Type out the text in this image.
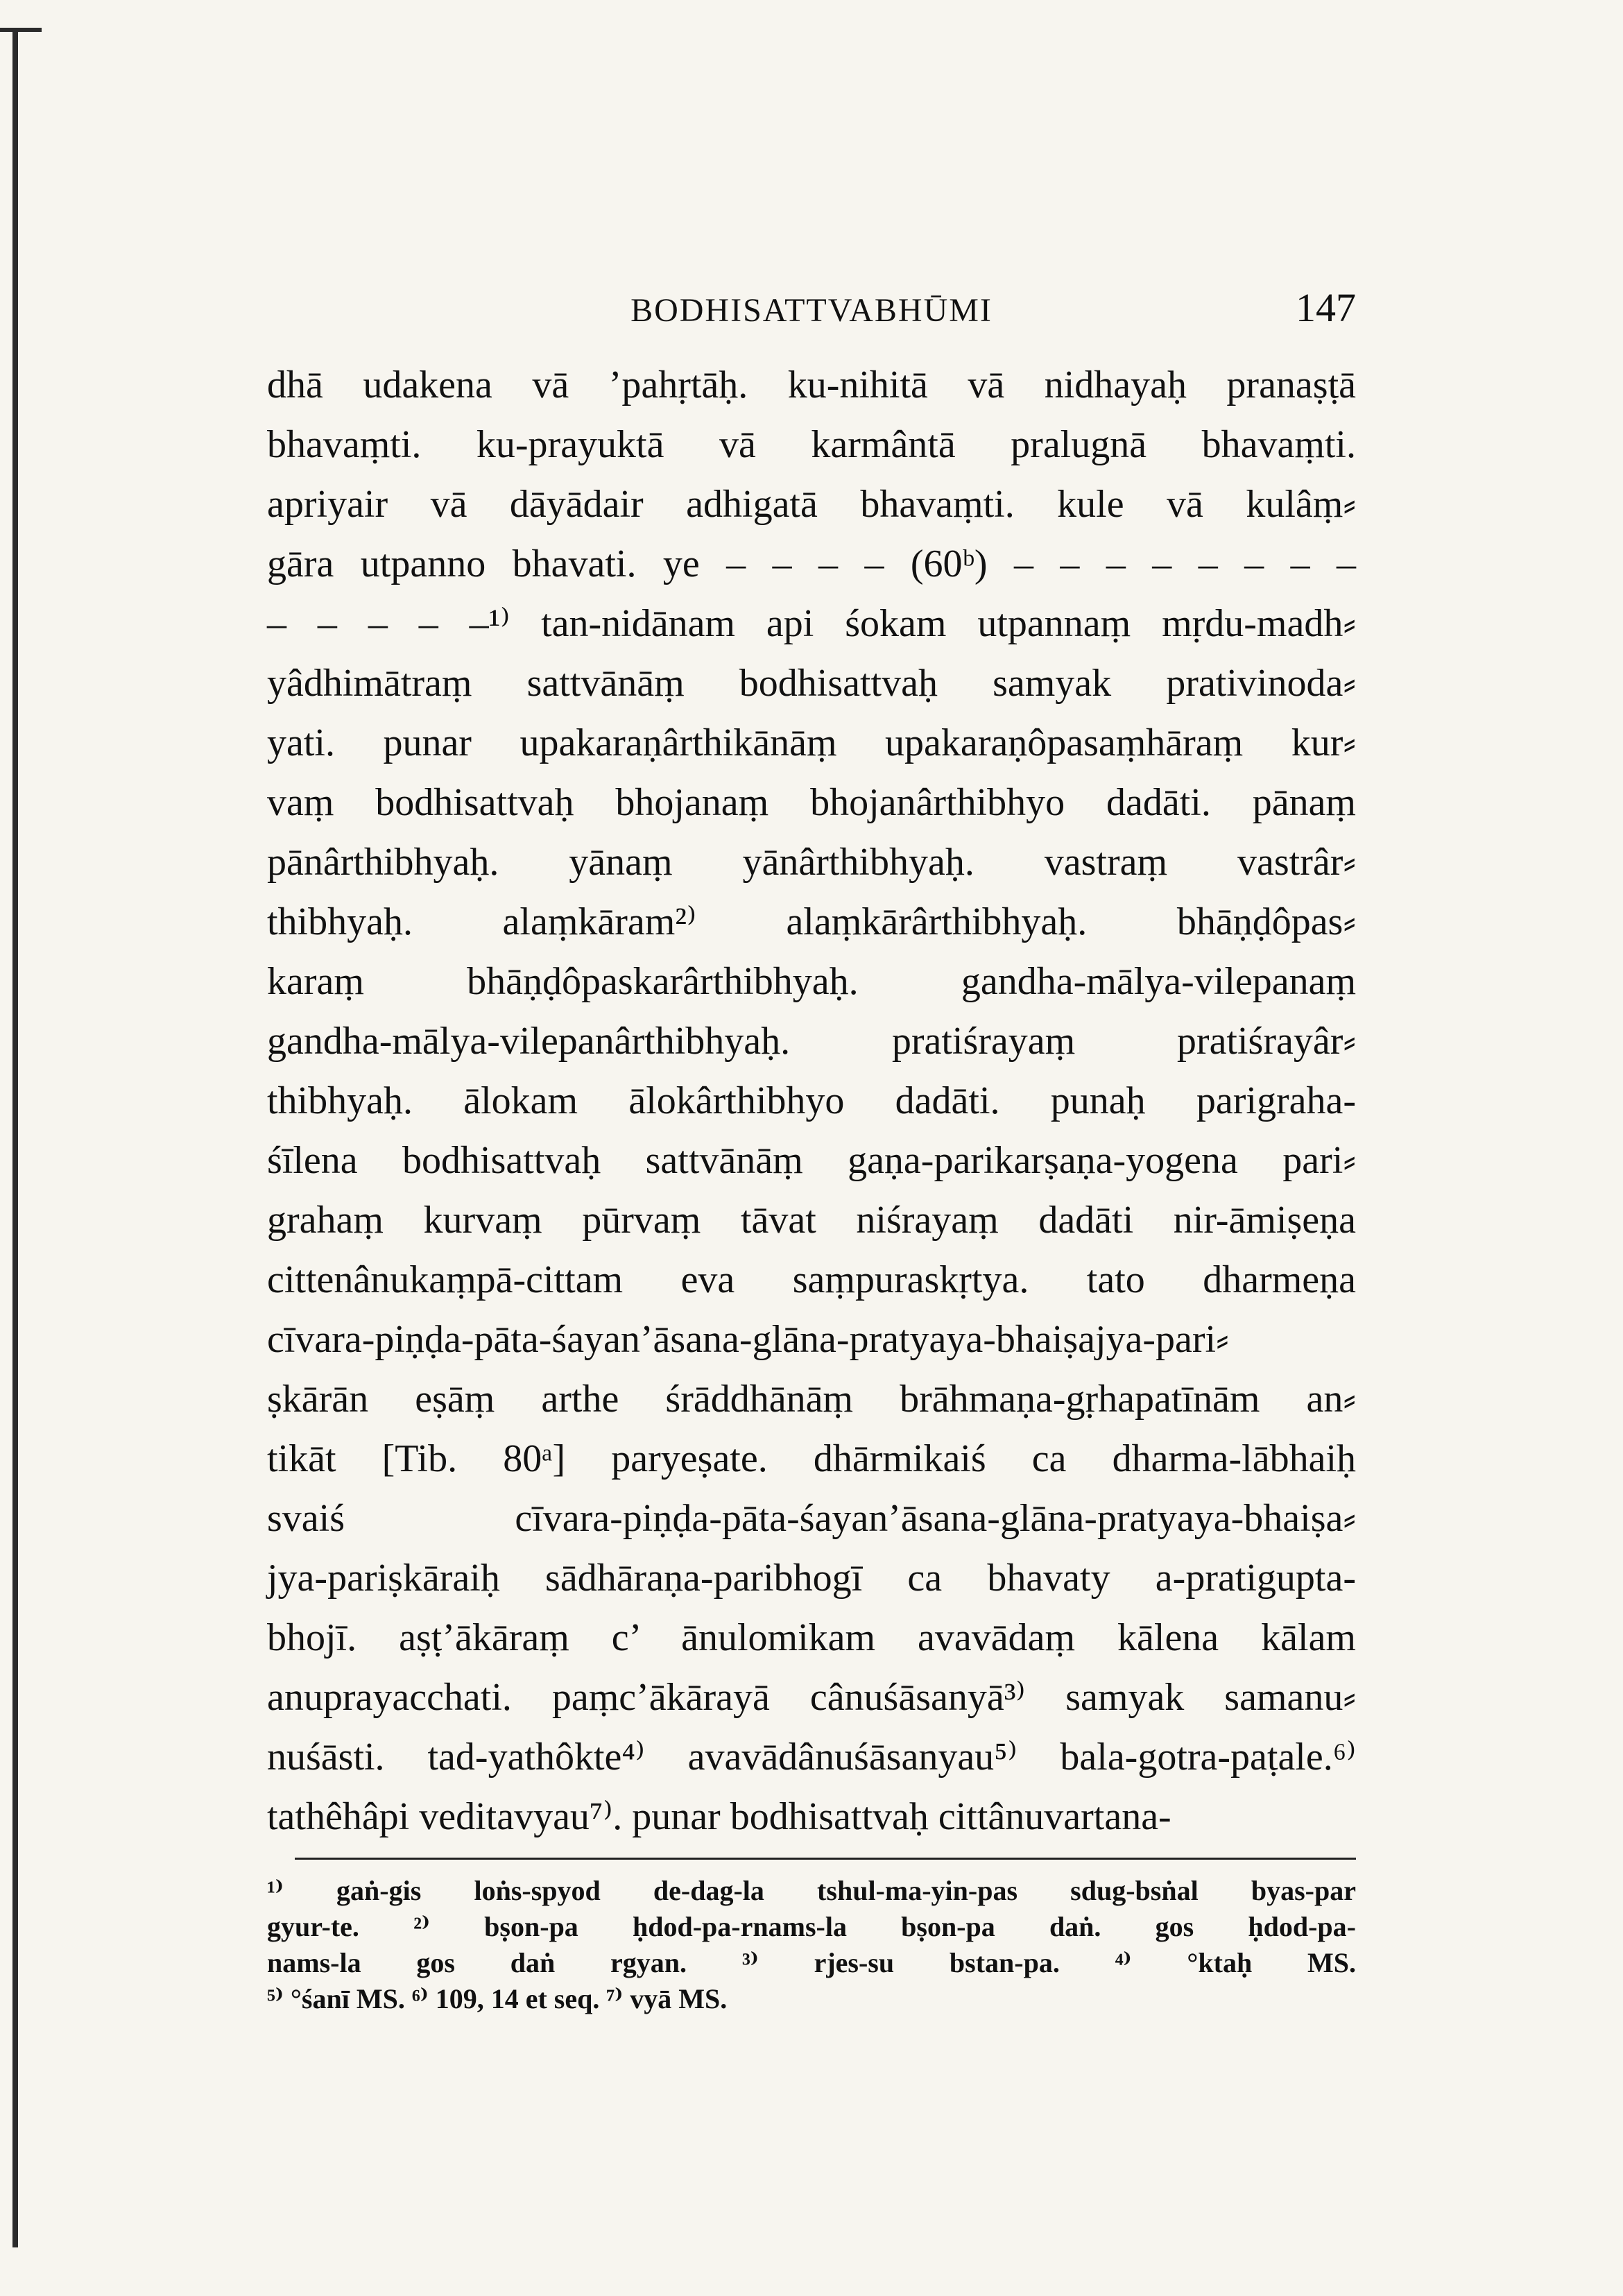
BODHISATTVABHŪMI	147
dhā udakena vā ’pahṛtāḥ. ku-nihitā vā nidhayaḥ pranaṣṭā
bhavaṃti. ku-prayuktā vā karmântā pralugnā bhavaṃti.
apriyair vā dāyādair adhigatā bhavaṃti. kule vā kulâṃ⸗
gāra utpanno bhavati. ye – – – – (60ᵇ) – – – – – – – –
– – – – –¹⁾ tan-nidānam api śokam utpannaṃ mṛdu-madh⸗
yâdhimātraṃ sattvānāṃ bodhisattvaḥ samyak prativinoda⸗
yati. punar upakaraṇârthikānāṃ upakaraṇôpasaṃhāraṃ kur⸗
vaṃ bodhisattvaḥ bhojanaṃ bhojanârthibhyo dadāti. pānaṃ
pānârthibhyaḥ. yānaṃ yānârthibhyaḥ. vastraṃ vastrâr⸗
thibhyaḥ. alaṃkāram²⁾ alaṃkārârthibhyaḥ. bhāṇḍôpas⸗
karaṃ bhāṇḍôpaskarârthibhyaḥ. gandha-mālya-vilepanaṃ
gandha-mālya-vilepanârthibhyaḥ. pratiśrayaṃ pratiśrayâr⸗
thibhyaḥ. ālokam ālokârthibhyo dadāti. punaḥ parigraha-
śīlena bodhisattvaḥ sattvānāṃ gaṇa-parikarṣaṇa-yogena pari⸗
grahaṃ kurvaṃ pūrvaṃ tāvat niśrayaṃ dadāti nir-āmiṣeṇa
cittenânukaṃpā-cittam eva saṃpuraskṛtya. tato dharmeṇa
cīvara-piṇḍa-pāta-śayan’āsana-glāna-pratyaya-bhaiṣajya-pari⸗
ṣkārān eṣāṃ arthe śrāddhānāṃ brāhmaṇa-gṛhapatīnām an⸗
tikāt [Tib. 80ᵃ] paryeṣate. dhārmikaiś ca dharma-lābhaiḥ
svaiś cīvara-piṇḍa-pāta-śayan’āsana-glāna-pratyaya-bhaiṣa⸗
jya-pariṣkāraiḥ sādhāraṇa-paribhogī ca bhavaty a-pratigupta-
bhojī. aṣṭ’ākāraṃ c’ ānulomikam avavādaṃ kālena kālam
anuprayacchati. paṃc’ākārayā cânuśāsanyā³⁾ samyak samanu⸗
nuśāsti. tad-yathôkte⁴⁾ avavādânuśāsanyau⁵⁾ bala-gotra-paṭale.⁶⁾
tathêhâpi veditavyau⁷⁾. punar bodhisattvaḥ cittânuvartana-
¹⁾ gaṅ-gis loṅs-spyod de-dag-la tshul-ma-yin-pas sdug-bsṅal byas-par
gyur-te. ²⁾ bṣon-pa ḥdod-pa-rnams-la bṣon-pa daṅ. gos ḥdod-pa-
nams-la gos daṅ rgyan. ³⁾ rjes-su bstan-pa. ⁴⁾ °ktaḥ MS.
⁵⁾ °śanī MS. ⁶⁾ 109, 14 et seq. ⁷⁾ vyā MS.
